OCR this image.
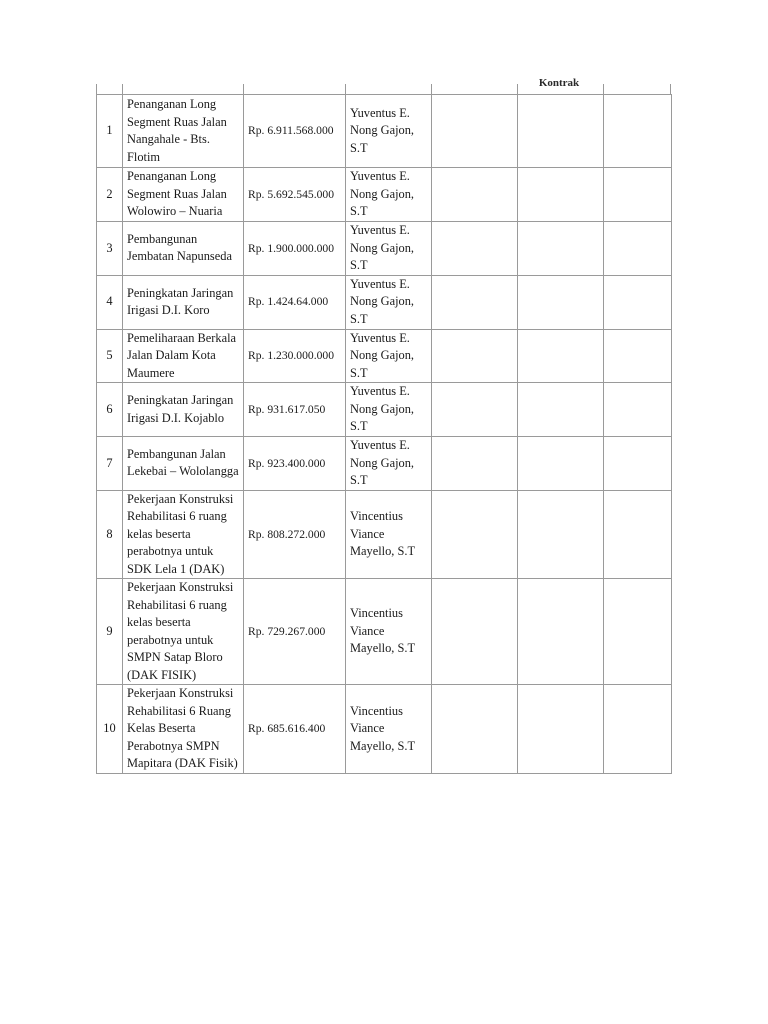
Kontrak
1	Penanganan Long Segment Ruas Jalan Nangahale - Bts. Flotim	Rp. 6.911.568.000	Yuventus E. Nong Gajon, S.T			
2	Penanganan Long Segment Ruas Jalan Wolowiro – Nuaria	Rp. 5.692.545.000	Yuventus E. Nong Gajon, S.T			
3	Pembangunan Jembatan Napunseda	Rp. 1.900.000.000	Yuventus E. Nong Gajon, S.T			
4	Peningkatan Jaringan Irigasi D.I. Koro	Rp. 1.424.64.000	Yuventus E. Nong Gajon, S.T			
5	Pemeliharaan Berkala Jalan Dalam Kota Maumere	Rp. 1.230.000.000	Yuventus E. Nong Gajon, S.T			
6	Peningkatan Jaringan Irigasi D.I. Kojablo	Rp. 931.617.050	Yuventus E. Nong Gajon, S.T			
7	Pembangunan Jalan Lekebai – Wololangga	Rp. 923.400.000	Yuventus E. Nong Gajon, S.T			
8	Pekerjaan Konstruksi Rehabilitasi 6 ruang kelas beserta perabotnya untuk SDK Lela 1 (DAK)	Rp. 808.272.000	Vincentius Viance Mayello, S.T			
9	Pekerjaan Konstruksi Rehabilitasi 6 ruang kelas beserta perabotnya untuk SMPN Satap Bloro (DAK FISIK)	Rp. 729.267.000	Vincentius Viance Mayello, S.T			
10	Pekerjaan Konstruksi Rehabilitasi 6 Ruang Kelas Beserta Perabotnya SMPN Mapitara (DAK Fisik)	Rp. 685.616.400	Vincentius Viance Mayello, S.T			
